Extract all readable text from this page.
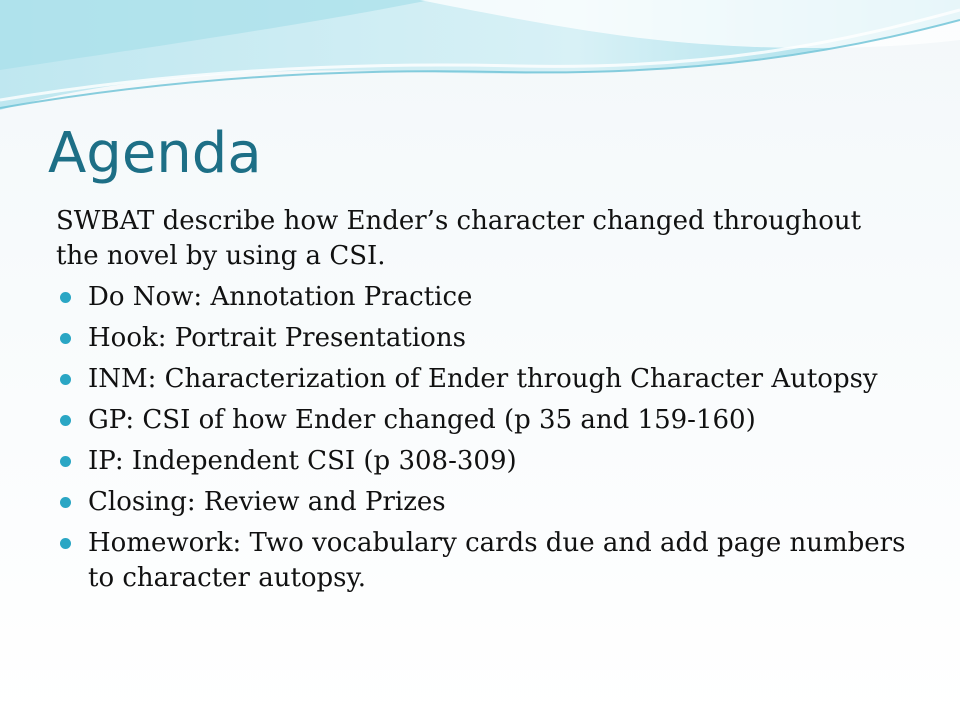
Agenda

SWBAT describe how Ender’s character changed throughout the novel by using a CSI.

Do Now: Annotation Practice
Hook: Portrait Presentations
INM: Characterization of Ender through Character Autopsy
GP: CSI of how Ender changed (p 35 and 159-160)
IP: Independent CSI (p 308-309)
Closing: Review and Prizes
Homework: Two vocabulary cards due and add page numbers to character autopsy.
